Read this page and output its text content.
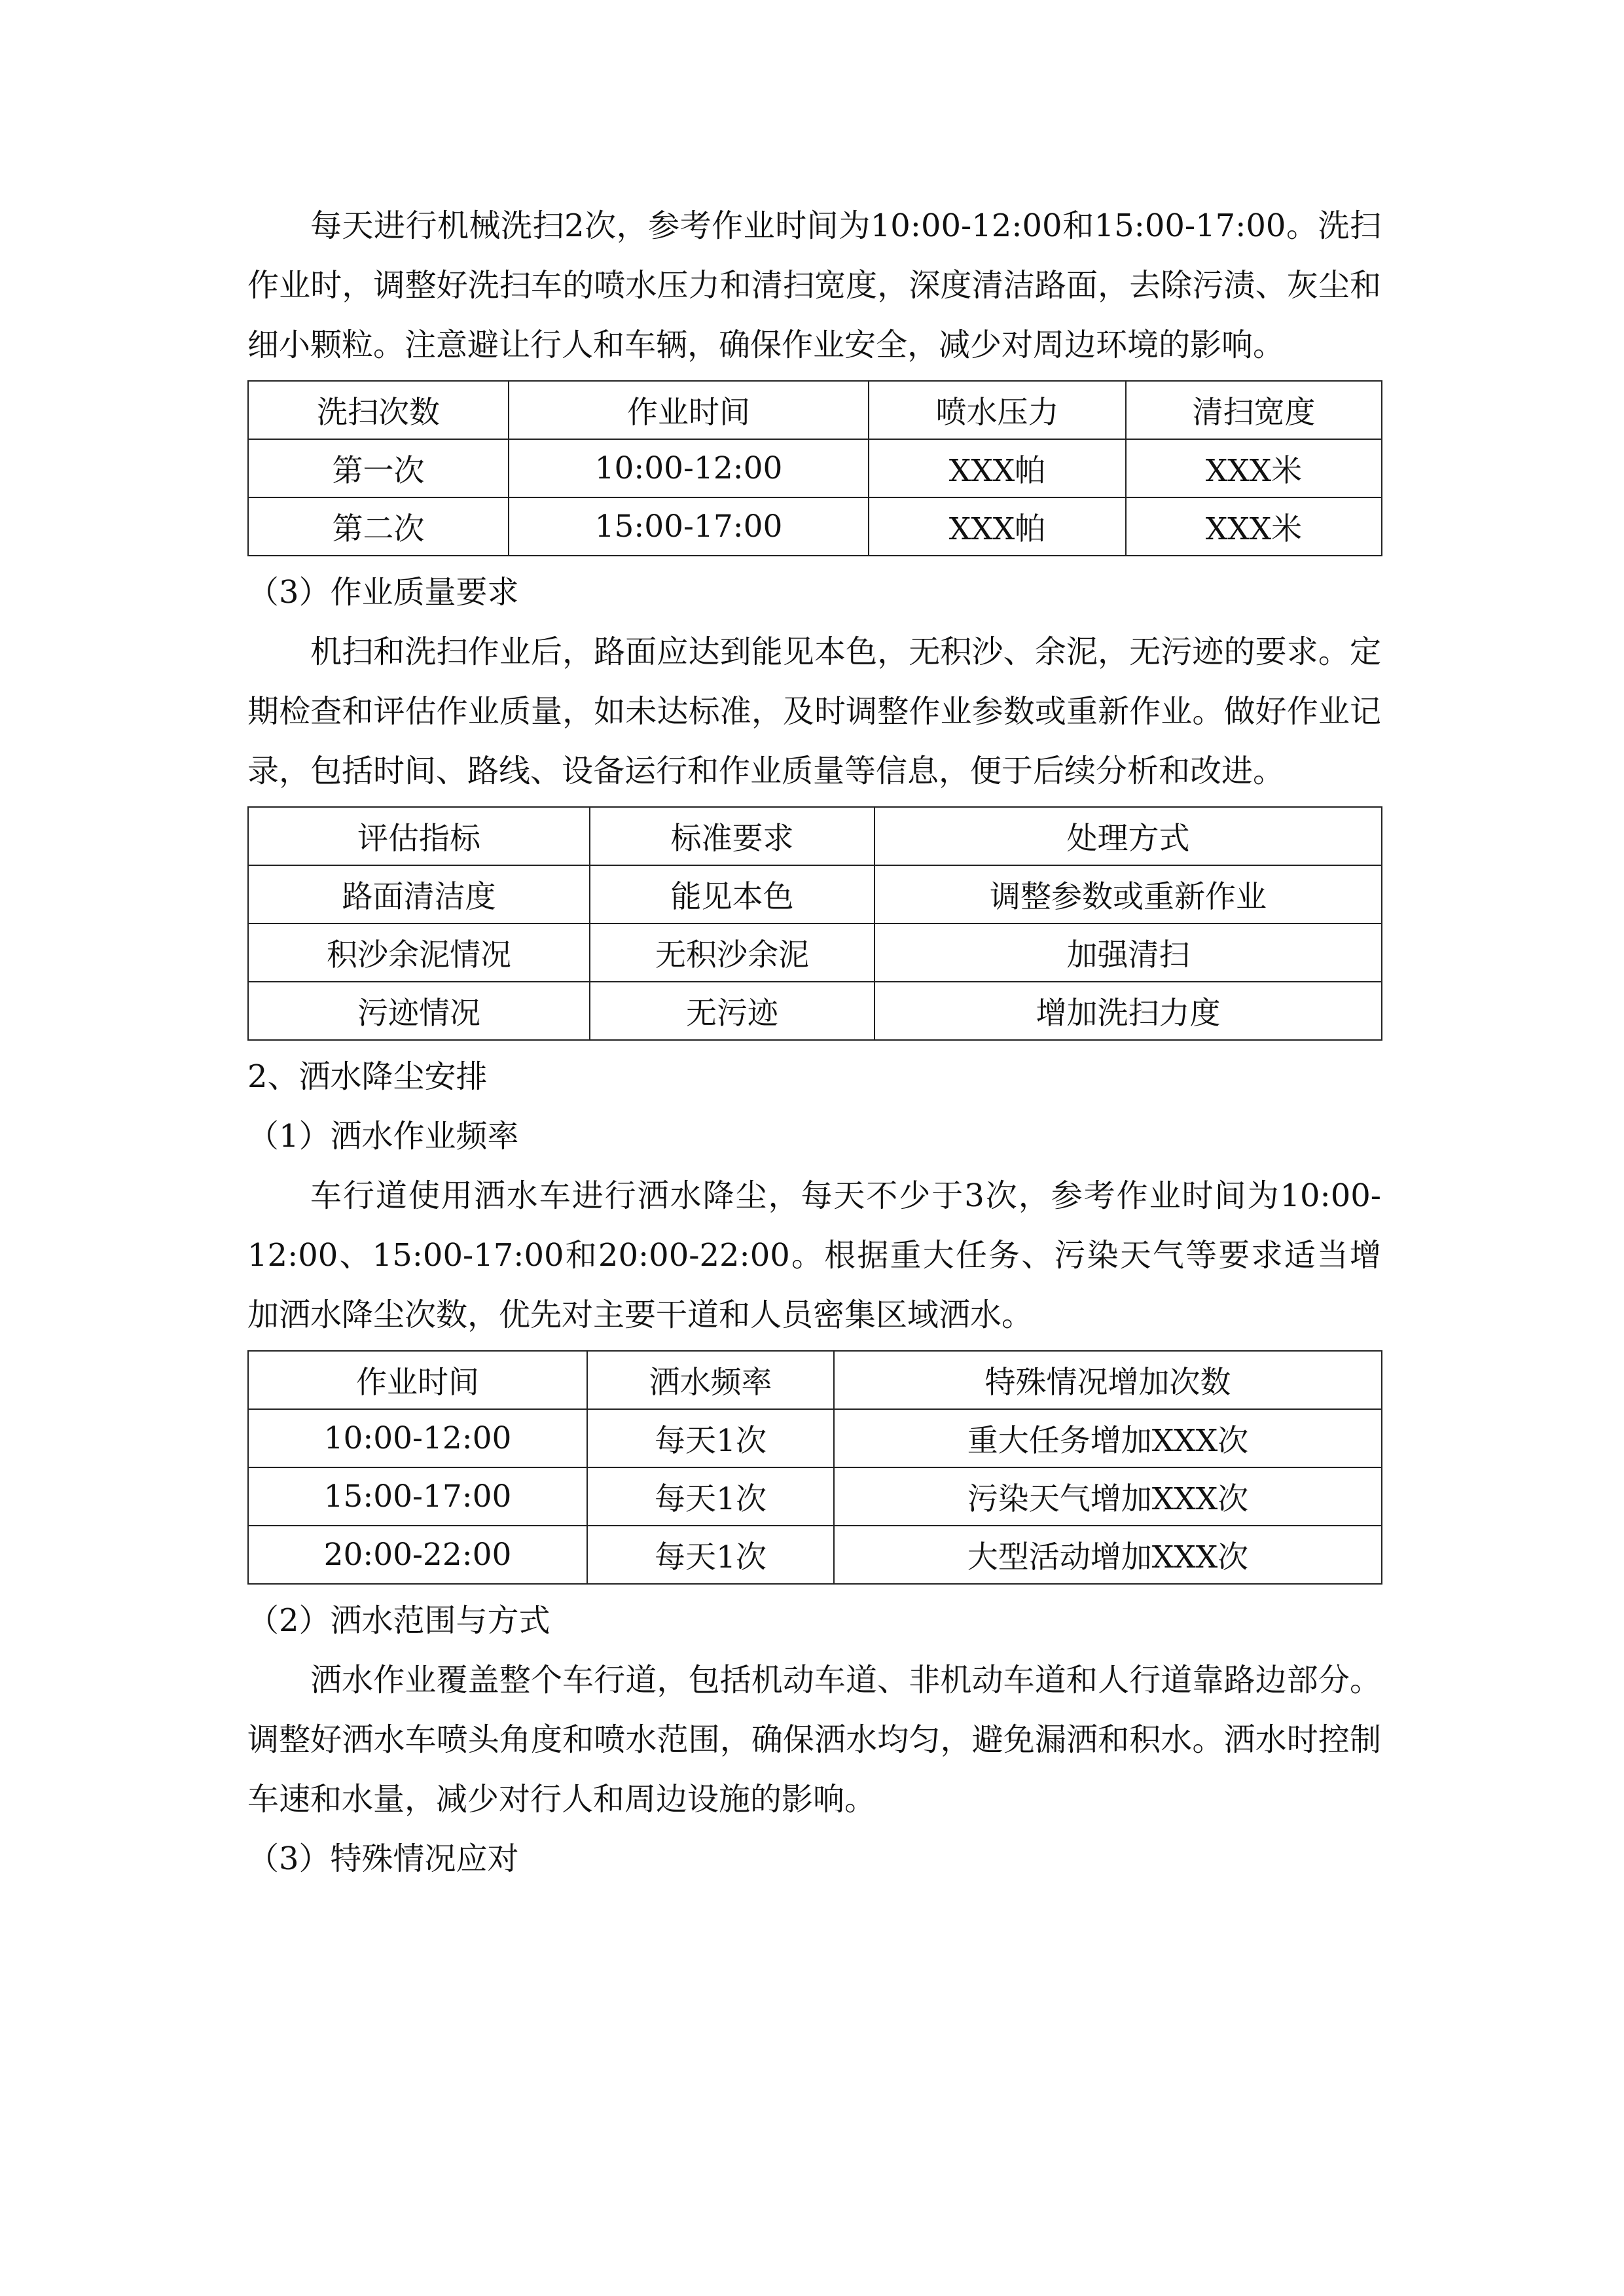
每天进行机械洗扫2次，参考作业时间为10:00-12:00和15:00-17:00。洗扫作业时，调整好洗扫车的喷水压力和清扫宽度，深度清洁路面，去除污渍、灰尘和细小颗粒。注意避让行人和车辆，确保作业安全，减少对周边环境的影响。

洗扫次数	作业时间	喷水压力	清扫宽度
第一次	10:00-12:00	XXX帕	XXX米
第二次	15:00-17:00	XXX帕	XXX米

（3）作业质量要求

机扫和洗扫作业后，路面应达到能见本色，无积沙、余泥，无污迹的要求。定期检查和评估作业质量，如未达标准，及时调整作业参数或重新作业。做好作业记录，包括时间、路线、设备运行和作业质量等信息，便于后续分析和改进。

评估指标	标准要求	处理方式
路面清洁度	能见本色	调整参数或重新作业
积沙余泥情况	无积沙余泥	加强清扫
污迹情况	无污迹	增加洗扫力度

2、洒水降尘安排

（1）洒水作业频率

车行道使用洒水车进行洒水降尘，每天不少于3次，参考作业时间为10:00-12:00、15:00-17:00和20:00-22:00。根据重大任务、污染天气等要求适当增加洒水降尘次数，优先对主要干道和人员密集区域洒水。

作业时间	洒水频率	特殊情况增加次数
10:00-12:00	每天1次	重大任务增加XXX次
15:00-17:00	每天1次	污染天气增加XXX次
20:00-22:00	每天1次	大型活动增加XXX次

（2）洒水范围与方式

洒水作业覆盖整个车行道，包括机动车道、非机动车道和人行道靠路边部分。调整好洒水车喷头角度和喷水范围，确保洒水均匀，避免漏洒和积水。洒水时控制车速和水量，减少对行人和周边设施的影响。

（3）特殊情况应对
